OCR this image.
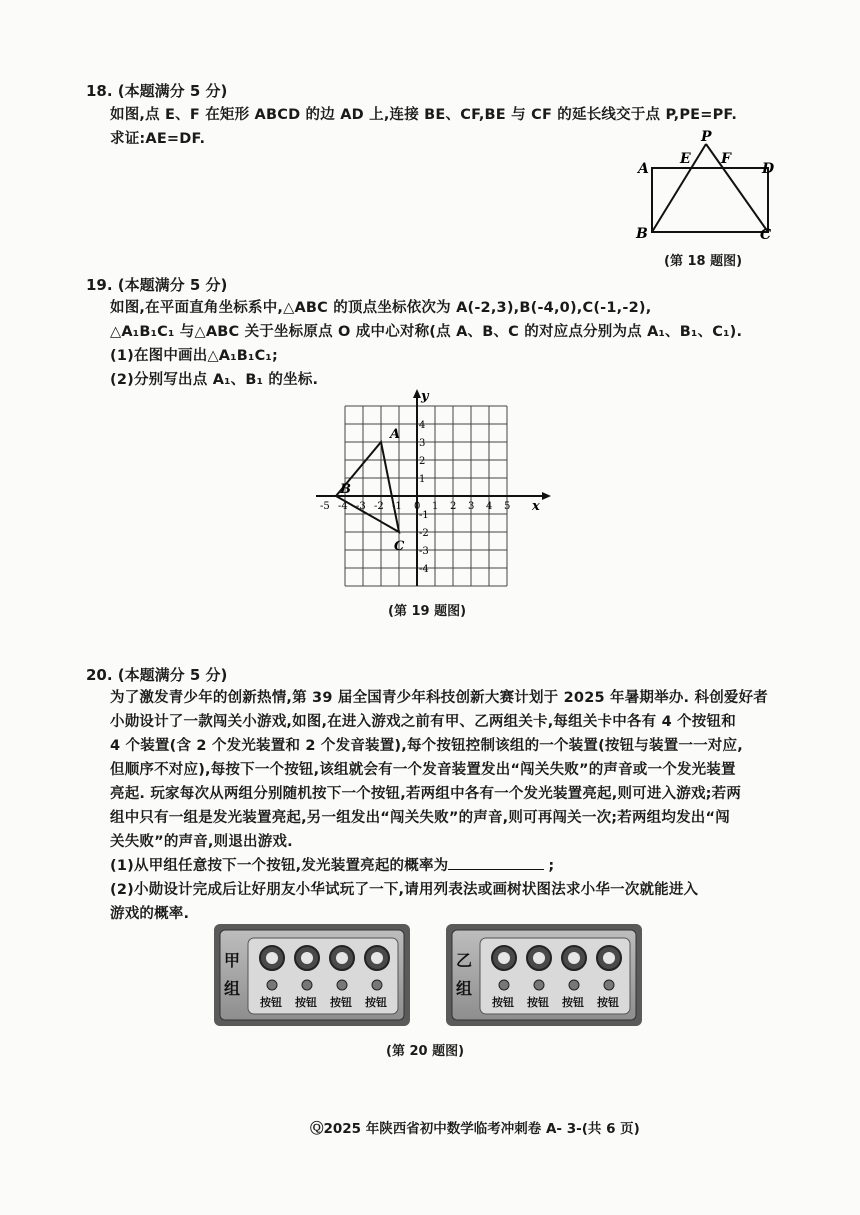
18. (本题满分 5 分)
如图,点 E、F 在矩形 ABCD 的边 AD 上,连接 BE、CF,BE 与 CF 的延长线交于点 P,PE=PF.
求证:AE=DF.	P
A
E F
D
B	C
(第 18 题图)
19. (本题满分 5 分)
如图,在平面直角坐标系中,△ABC 的顶点坐标依次为 A(-2,3),B(-4,0),C(-1,-2),
△A₁B₁C₁ 与△ABC 关于坐标原点 O 成中心对称(点 A、B、C 的对应点分别为点 A₁、B₁、C₁).
(1)在图中画出△A₁B₁C₁;
(2)分别写出点 A₁、B₁ 的坐标.
x
y
-5 -4 -3 -2 -1 0 1 2 3 4 5
4
3
2
1
-1
-2
-3
-4
A
B
C
(第 19 题图)
20. (本题满分 5 分)
为了激发青少年的创新热情,第 39 届全国青少年科技创新大赛计划于 2025 年暑期举办. 科创爱好者
小勋设计了一款闯关小游戏,如图,在进入游戏之前有甲、乙两组关卡,每组关卡中各有 4 个按钮和
4 个装置(含 2 个发光装置和 2 个发音装置),每个按钮控制该组的一个装置(按钮与装置一一对应,
但顺序不对应),每按下一个按钮,该组就会有一个发音装置发出“闯关失败”的声音或一个发光装置
亮起. 玩家每次从两组分别随机按下一个按钮,若两组中各有一个发光装置亮起,则可进入游戏;若两
组中只有一组是发光装置亮起,另一组发出“闯关失败”的声音,则可再闯关一次;若两组均发出“闯
关失败”的声音,则退出游戏.
(1)从甲组任意按下一个按钮,发光装置亮起的概率为	;
(2)小勋设计完成后让好朋友小华试玩了一下,请用列表法或画树状图法求小华一次就能进入
游戏的概率.
甲
组
按钮 按钮 按钮 按钮
乙
组
按钮 按钮 按钮 按钮
(第 20 题图)
Ⓠ2025 年陕西省初中数学临考冲刺卷 A- 3-(共 6 页)
